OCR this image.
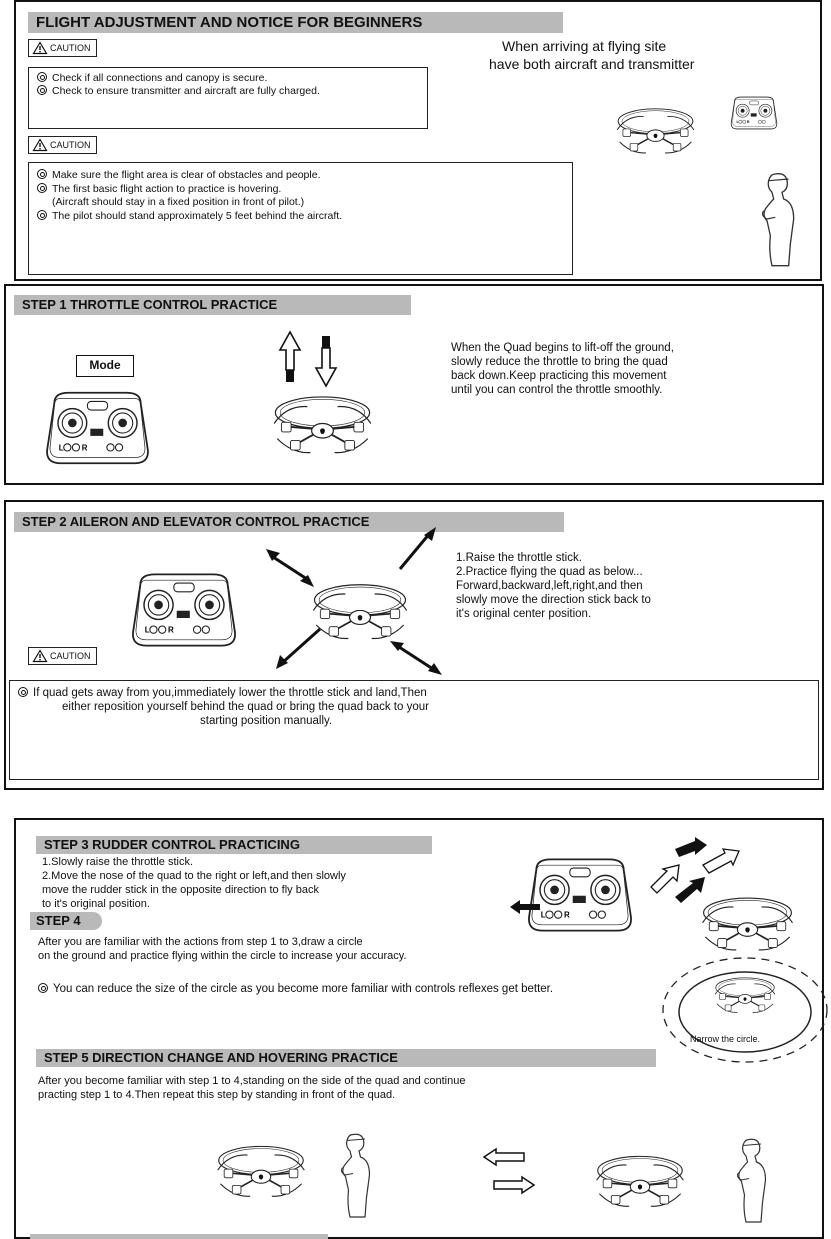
FLIGHT ADJUSTMENT AND NOTICE FOR BEGINNERS
CAUTION
Check if all connections and canopy is secure.
Check to ensure transmitter and aircraft are fully charged.
CAUTION
Make sure the flight area is clear of obstacles and people.
The first basic flight action to practice is hovering.
(Aircraft should stay in a fixed position in front of pilot.)
The pilot should stand approximately 5 feet behind the aircraft.
When arriving at flying site
have both aircraft and transmitter
STEP 1 THROTTLE CONTROL PRACTICE
Mode
When the Quad begins to lift-off the ground,
slowly reduce the throttle to bring the quad
back down.Keep practicing this movement
until you can control the throttle smoothly.
STEP 2 AILERON AND ELEVATOR CONTROL PRACTICE
1.Raise the throttle stick.
2.Practice flying the quad as below...
Forward,backward,left,right,and then
slowly move the direction stick back to
it's original center position.
CAUTION
If quad gets away from you,immediately lower the throttle stick and land,Then
either reposition yourself behind the quad or bring the quad back to your
starting position manually.
STEP 3 RUDDER CONTROL PRACTICING
1.Slowly raise the throttle stick.
2.Move the nose of the quad to the right or left,and then slowly
move the rudder stick in the opposite direction to fly back
to it's original position.
STEP 4
After you are familiar with the actions from step 1 to 3,draw a circle
on the ground and practice flying within the circle to increase your accuracy.
You can reduce the size of the circle as you become more familiar with controls reflexes get better.
Narrow the circle.
STEP 5 DIRECTION CHANGE AND HOVERING PRACTICE
After you become familiar with step 1 to 4,standing on the side of the quad and continue
practing step 1 to 4.Then repeat this step by standing in front of the quad.
